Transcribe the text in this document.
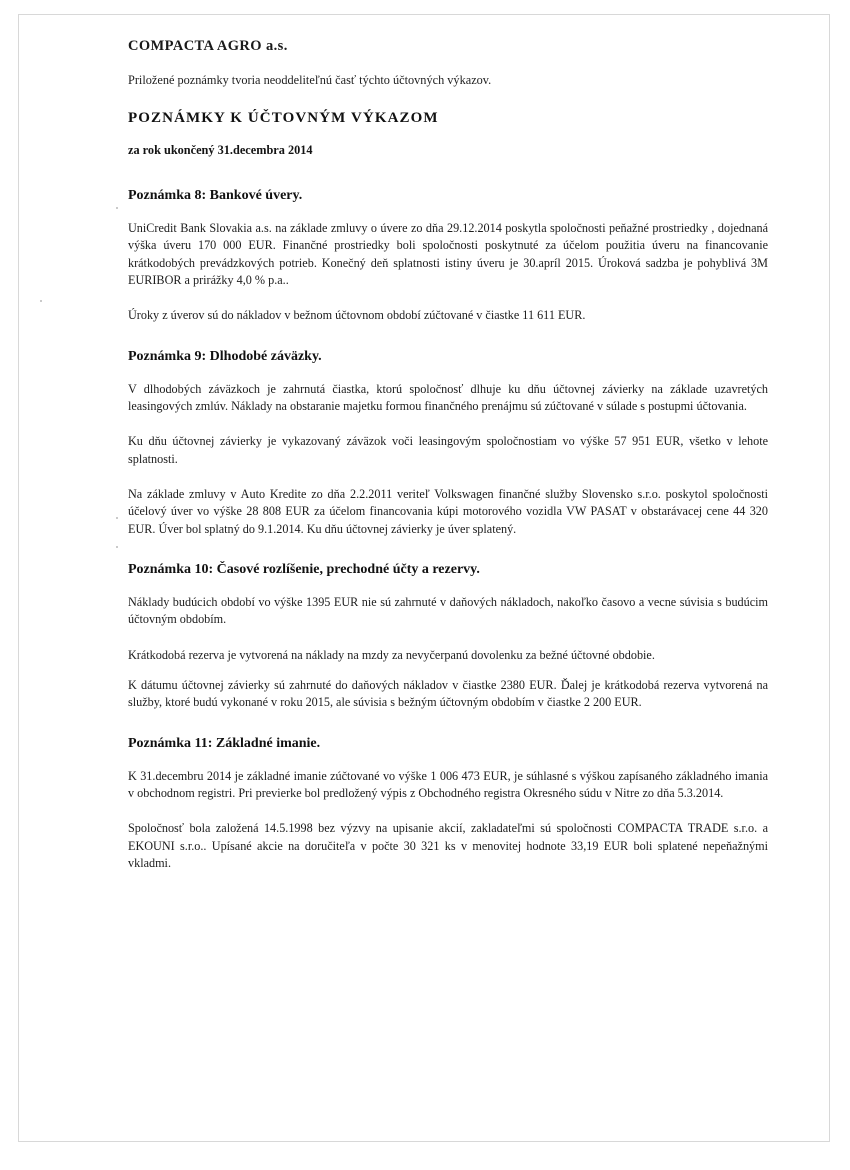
COMPACTA AGRO a.s.
Priložené poznámky tvoria neoddeliteľnú časť týchto účtovných výkazov.
POZNÁMKY K ÚČTOVNÝM VÝKAZOM
za rok ukončený 31.decembra 2014
Poznámka 8: Bankové úvery.

UniCredit Bank Slovakia a.s. na základe zmluvy o úvere zo dňa 29.12.2014 poskytla spoločnosti peňažné prostriedky , dojednaná výška úveru 170 000 EUR. Finančné prostriedky boli spoločnosti poskytnuté za účelom použitia úveru na financovanie krátkodobých prevádzkových potrieb. Konečný deň splatnosti istiny úveru je 30.apríl 2015. Úroková sadzba je pohyblivá 3M EURIBOR a prirážky 4,0 % p.a..

Úroky z úverov sú do nákladov v bežnom účtovnom období zúčtované v čiastke 11 611 EUR.

Poznámka 9: Dlhodobé záväzky.

V dlhodobých záväzkoch je zahrnutá čiastka, ktorú spoločnosť dlhuje ku dňu účtovnej závierky na základe uzavretých leasingových zmlúv. Náklady na obstaranie majetku formou finančného prenájmu sú zúčtované v súlade s postupmi účtovania.

Ku dňu účtovnej závierky je vykazovaný záväzok voči leasingovým spoločnostiam vo výške 57 951 EUR, všetko v lehote splatnosti.

Na základe zmluvy v Auto Kredite zo dňa 2.2.2011 veriteľ Volkswagen finančné služby Slovensko s.r.o. poskytol spoločnosti účelový úver vo výške 28 808 EUR za účelom financovania kúpi motorového vozidla VW PASAT v obstarávacej cene 44 320 EUR. Úver bol splatný do 9.1.2014. Ku dňu účtovnej závierky je úver splatený.

Poznámka 10: Časové rozlíšenie, prechodné účty a rezervy.

Náklady budúcich období vo výške 1395 EUR nie sú zahrnuté v daňových nákladoch, nakoľko časovo a vecne súvisia s budúcim účtovným obdobím.

Krátkodobá rezerva je vytvorená na náklady na mzdy za nevyčerpanú dovolenku za bežné účtovné obdobie.

K dátumu účtovnej závierky sú zahrnuté do daňových nákladov v čiastke 2380 EUR. Ďalej je krátkodobá rezerva vytvorená na služby, ktoré budú vykonané v roku 2015, ale súvisia s bežným účtovným obdobím v čiastke 2 200 EUR.

Poznámka 11: Základné imanie.

K 31.decembru 2014 je základné imanie zúčtované vo výške 1 006 473 EUR, je súhlasné s výškou zapísaného základného imania v obchodnom registri. Pri previerke bol predložený výpis z Obchodného registra Okresného súdu v Nitre zo dňa 5.3.2014.

Spoločnosť bola založená 14.5.1998 bez výzvy na upisanie akcií, zakladateľmi sú spoločnosti COMPACTA TRADE s.r.o. a EKOUNI s.r.o.. Upísané akcie na doručiteľa v počte 30 321 ks v menovitej hodnote 33,19 EUR boli splatené nepeňažnými vkladmi.
